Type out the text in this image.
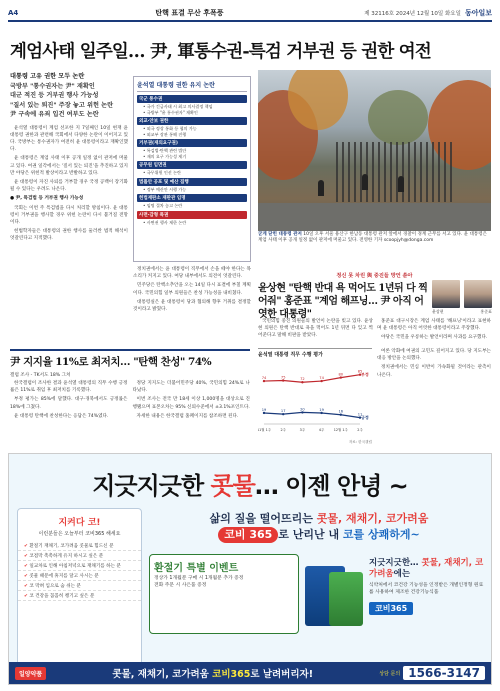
A4	탄핵 표결 무산 후폭풍	제 32116호 2024년 12월 10일 화요일 동아일보
계엄사태 일주일… 尹, 軍통수권-특검 거부권 등 권한 여전
대통령 고유 권한 모두 논란
국방부 "통수권자는 尹" 재확인
대군 적진 등 거부권 행사 가능성
"질서 있는 퇴진" 주장 놓고 위헌 논란
尹 구속에 유죄 입건 여부도 논란

윤석열 대통령이 계엄 선포한 지 7일째인 10일 현재 윤 대통령 권한과 관련해 국회에서 다양한 논란이 이어지고 있다. 국방부는 통수권자가 여전히 윤 대통령이라고 재확인했다.

윤 대통령은 계엄 사태 이후 공개 일정 없이 관저에 머물고 있다. 여권 일각에서는 '질서 있는 퇴진'을 추진하고 있지만 야당은 위헌적 발상이라고 반발하고 있다.

윤 대통령이 자진 사퇴를 거부할 경우 국정 공백이 장기화될 수 있다는 우려도 나온다.

● 尹, 특검법 등 거부권 행사 가능성

국회는 이번 주 특검법을 다시 처리할 방침이다. 윤 대통령이 거부권을 행사할 경우 위헌 논란이 다시 불거질 전망이다.

헌법학자들은 대통령의 권한 행사를 둘러싼 법적 해석이 엇갈린다고 지적했다.

윤석열 대통령 권한 유지 논란
국군 통수권
• 국가 긴급사태 시 최고 의사결정 책임
• 국방부 "윤 통수권자" 재확인
외교·안보 권한
• 외국 정상 통화 등 협의 가능
• 외교부 장관 통해 진행
거부권(재의요구권)
• 특검법·탄핵 관련 법안
• 재의 요구 가능성 제기
공무원 임면권
• 국무위원 인선 논란
법률안 공포 및 예산 집행
• 정부 예산안 시행 가능
헌법재판소 재판관 임명
• 임명 절차 놓고 논란
사면·감형 특권
• 사면권 행사 제한 논란

정치권에서는 윤 대통령이 직무에서 손을 떼야 한다는 목소리가 커지고 있다. 여당 내부에서도 의견이 엇갈린다.

민주당은 탄핵소추안을 오는 14일 다시 표결에 부칠 계획이다. 국민의힘 일부 의원들은 찬성 가능성을 내비쳤다.

대통령실은 윤 대통령이 당과 협의해 향후 거취를 결정할 것이라고 밝혔다.

굳게 닫힌 대통령 관저 10일 오후 서울 용산구 한남동 대통령 관저 앞에서 경찰이 경계 근무를 서고 있다. 윤 대통령은 계엄 사태 이후 공개 일정 없이 관저에 머물고 있다. 전영한 기자 scoopjyh@donga.com
정신 못 차린 與 중진들 망언 쏟아
윤상현 "탄핵 반대 욕 먹어도 1년뒤 다 찍어줘" 홍준표 "계엄 해프닝… 尹 아직 어엿한 대통령"	윤상현	홍준표

국민의힘 중진 의원들의 발언이 논란을 빚고 있다. 윤상현 의원은 탄핵 반대로 욕을 먹어도 1년 뒤면 다 잊고 찍어준다고 말해 비판을 받았다.

홍준표 대구시장은 계엄 사태를 '해프닝'이라고 표현하며 윤 대통령은 아직 어엿한 대통령이라고 주장했다.

야당은 국민을 우롱하는 발언이라며 사과를 요구했다.

尹 지지율 11%로 최저치… "탄핵 찬성" 74%
갤럽 조사 - TK서도 18% 그쳐

한국갤럽이 조사한 결과 윤석열 대통령의 직무 수행 긍정률은 11%로 취임 후 최저치를 기록했다.

부정 평가는 85%에 달했다. 대구·경북에서도 긍정률은 18%에 그쳤다.

윤 대통령 탄핵에 찬성한다는 응답은 74%였다.

정당 지지도는 더불어민주당 40%, 국민의힘 24%로 나타났다.

이번 조사는 전국 만 18세 이상 1,000명을 대상으로 진행됐으며 표본오차는 95% 신뢰수준에서 ±3.1%포인트다.

자세한 내용은 한국갤럽 홈페이지를 참조하면 된다.

윤석열 대통령 직무 수행 평가
74	75	72	74
80
85
부정
19	17	20	19	16
11
긍정
11월 1주	2주	3주	4주	12월 1주	2주
자료: 한국갤럽

여론 악화에 여권의 고민도 깊어지고 있다. 당 지도부는 대응 방안을 논의했다.

정치권에서는 민심 이반이 가속화될 것이라는 관측이 나온다.

지긋지긋한 콧물… 이젠 안녕 ~
삶의 질을 떨어뜨리는 콧물, 재채기, 코가려움
코비 365 로 난리난 내 코를 상쾌하게~
지켜다 코!
이런분들은 오늘부터 코비365 해세요
✔ 환절기 재채기, 코가려움 콧물로 힘드신 분
✔ 코점막 촉촉하게 유지 하시고 싶은 분
✔ 일교차로 인해 아침저녁으로 재채기를 하는 분
✔ 콧물 때문에 휴지를 달고 사시는 분
✔ 코 막혀 입으로 숨 쉬는 분
✔ 코 건강을 꼼꼼히 챙기고 싶은 분
환절기 특별 이벤트
정상가 1개월분 구매 시 1개월분 추가 증정
전화 주문 시 사은품 증정
지긋지긋한… 콧물, 재채기, 코가려움에는
식약처에서 코건강 기능성을 인정받은 개별인정형 원료를 사용하여 제조한 건강기능식품
코비365
일양약품	콧물, 재채기, 코가려움 코비365로 날려버리자!	상담 문의 1566-3147
